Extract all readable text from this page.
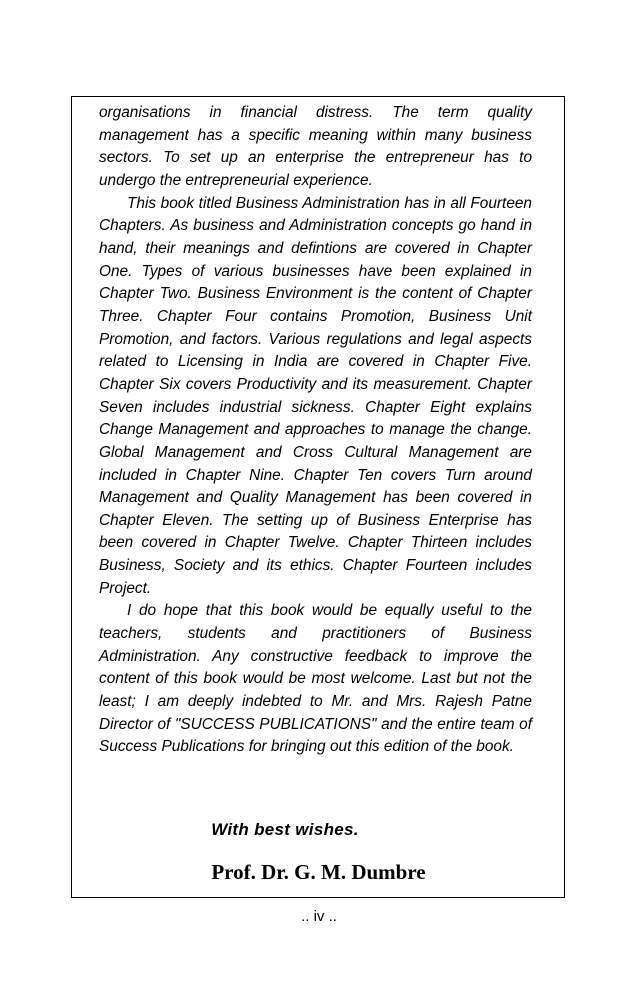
organisations in financial distress. The term quality management has a specific meaning within many business sectors. To set up an enterprise the entrepreneur has to undergo the entrepreneurial experience.

This book titled Business Administration has in all Fourteen Chapters. As business and Administration concepts go hand in hand, their meanings and defintions are covered in Chapter One. Types of various businesses have been explained in Chapter Two. Business Environment is the content of Chapter Three. Chapter Four contains Promotion, Business Unit Promotion, and factors. Various regulations and legal aspects related to Licensing in India are covered in Chapter Five. Chapter Six covers Productivity and its measurement. Chapter Seven includes industrial sickness. Chapter Eight explains Change Management and approaches to manage the change. Global Management and Cross Cultural Management are included in Chapter Nine. Chapter Ten covers Turn around Management and Quality Management has been covered in Chapter Eleven. The setting up of Business Enterprise has been covered in Chapter Twelve. Chapter Thirteen includes Business, Society and its ethics. Chapter Fourteen includes Project.

I do hope that this book would be equally useful to the teachers, students and practitioners of Business Administration. Any constructive feedback to improve the content of this book would be most welcome. Last but not the least; I am deeply indebted to Mr. and Mrs. Rajesh Patne Director of "SUCCESS PUBLICATIONS" and the entire team of Success Publications for bringing out this edition of the book.

With best wishes.
Prof. Dr. G. M. Dumbre
.. iv ..
